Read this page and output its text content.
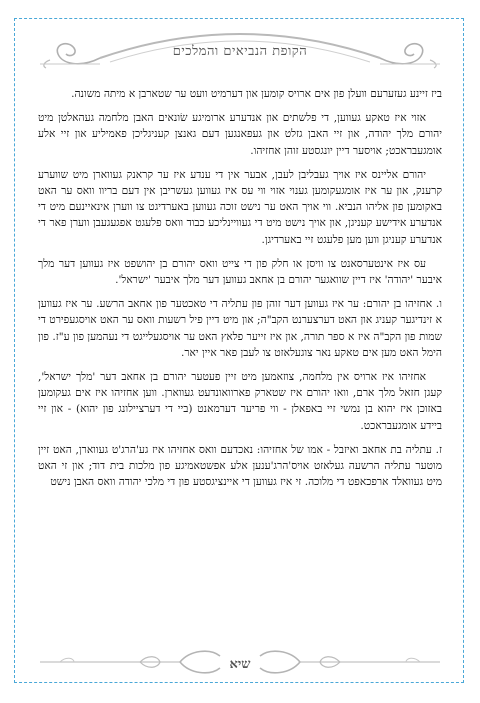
הקופת הנביאים והמלכים

ביז זיינע געזערעם וועלן פון אים ארויס קומען און דערמיט וועט ער שטארבן א מיתה משונה.

אזוי איז טאקע געווען, די פלשתים און אנדערע ארומיגע שׂונאים האבן מלחמה געהאלטן מיט יהורם מלך יהודה, און זיי האבן גזלט און געפאנגען דעם גאנצן קעניגליכן פאמיליע און זיי אלע אומגעבראכט; אויסער דיין יונגסטע זוהן אחזיהו.

יהורם אליינס איז אויך געבליבן לעבן, אבער אין די ענדע איז ער קראנק געווארן מיט שווערע קרענק, און ער איז אומגעקומען גענוי אזוי ווי עס איז געווען געשריבן אין דעם בריוו וואס ער האט באקומען פון אליהו הנביא. ווי אויך האט ער נישט זוכה געווען באערדיגט צו ווערן אינאיינעם מיט די אנדערע אידישע קעניגן, און אויך נישט מיט די געוויינליכע כבוד וואס פלעגט אפגעגעבן ווערן פאר די אנדערע קעניגן ווען מען פלעגט זיי באערדיגן.

עס איז אינטערסאנט צו וויסן או חלק פון די צייט וואס יהורם בן יהושפט איז געווען דער מלך איבער 'יהודה' איז דיין שוואגער יהורם בן אחאב געווען דער מלך איבער 'ישראל'.

ו. אחזיהו בן יהורם: ער איז געווען דער זוהן פון עתליה די טאכטער פון אחאב הרשע. ער איז געווען א זינדיגער קעניג און האט דערצערנט הקב"ה; און מיט דיין פיל רשעות וואס ער האט אויסגעפירט די שמות פון הקב"ה איז א ספר תורה, און איז זייער פלאץ האט ער אויסגעלייגט די נעהמען פון ע"ז. פון הימל האט מען אים טאקע נאר צוגעלאזט צו לעבן פאר איין יאר.

אחזיהו איז ארויס אין מלחמה, צוזאמען מיט זיין פעטער יהורם בן אחאב דער 'מלך ישראל', קעגן חזאל מלך ארם, וואו יהורם איז שטארק פארוואונדעט געווארן. ווען אחזיהו איז אים געקומען באזוכן איז יהוא בן נמשי זיי באפאלן - ווי פריער דערמאנט (ביי די דערציילונג פון יהוא) - און זיי ביידע אומגעבראכט.

ז. עתליה בת אחאב ואיזבל - אמו של אחזיהו: נאכדעם וואס אחזיהו איז גע'הרג'ט געווארן, האט זיין מוטער עתליה הרשעה געלאזט אויס'הרג'ענען אלע אפשטאמיגע פון מלכות בית דוד; און זי האט מיט געוואלד ארפכאפט די מלוכה. זי איז געווען די איינציגסטע פון די מלכי יהודה וואס האבן נישט

שיא
